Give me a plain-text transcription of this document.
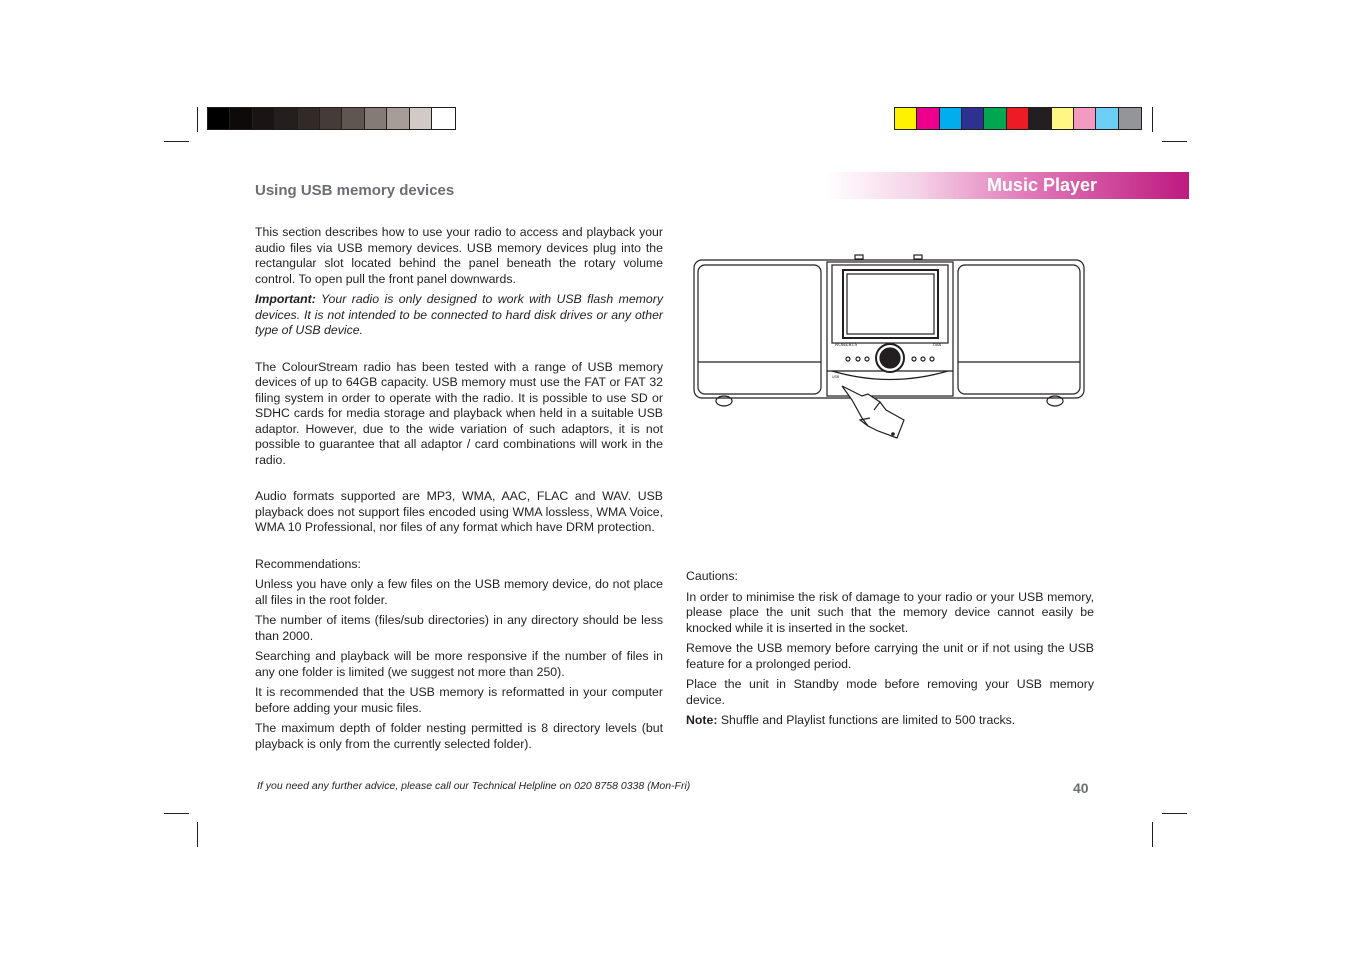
Using USB memory devices	Music Player

This section describes how to use your radio to access and playback your audio files via USB memory devices. USB memory devices plug into the rectangular slot located behind the panel beneath the rotary volume control. To open pull the front panel downwards.

Important: Your radio is only designed to work with USB flash memory devices. It is not intended to be connected to hard disk drives or any other type of USB device.

The ColourStream radio has been tested with a range of USB memory devices of up to 64GB capacity. USB memory must use the FAT or FAT 32 filing system in order to operate with the radio. It is possible to use SD or SDHC cards for media storage and playback when held in a suitable USB adaptor. However, due to the wide variation of such adaptors, it is not possible to guarantee that all adaptor / card combinations will work in the radio.

Audio formats supported are MP3, WMA, AAC, FLAC and WAV. USB playback does not support files encoded using WMA lossless, WMA Voice, WMA 10 Professional, nor files of any format which have DRM protection.

Recommendations:

Unless you have only a few files on the USB memory device, do not place all files in the root folder.

The number of items (files/sub directories) in any directory should be less than 2000.

Searching and playback will be more responsive if the number of files in any one folder is limited (we suggest not more than 250).

It is recommended that the USB memory is reformatted in your computer before adding your music files.

The maximum depth of folder nesting permitted is 8 directory levels (but playback is only from the currently selected folder).

ROBERTS	DAB
USB

Cautions:

In order to minimise the risk of damage to your radio or your USB memory, please place the unit such that the memory device cannot easily be knocked while it is inserted in the socket.

Remove the USB memory before carrying the unit or if not using the USB feature for a prolonged period.

Place the unit in Standby mode before removing your USB memory device.

Note: Shuffle and Playlist functions are limited to 500 tracks.

If you need any further advice, please call our Technical Helpline on 020 8758 0338 (Mon-Fri)	40
